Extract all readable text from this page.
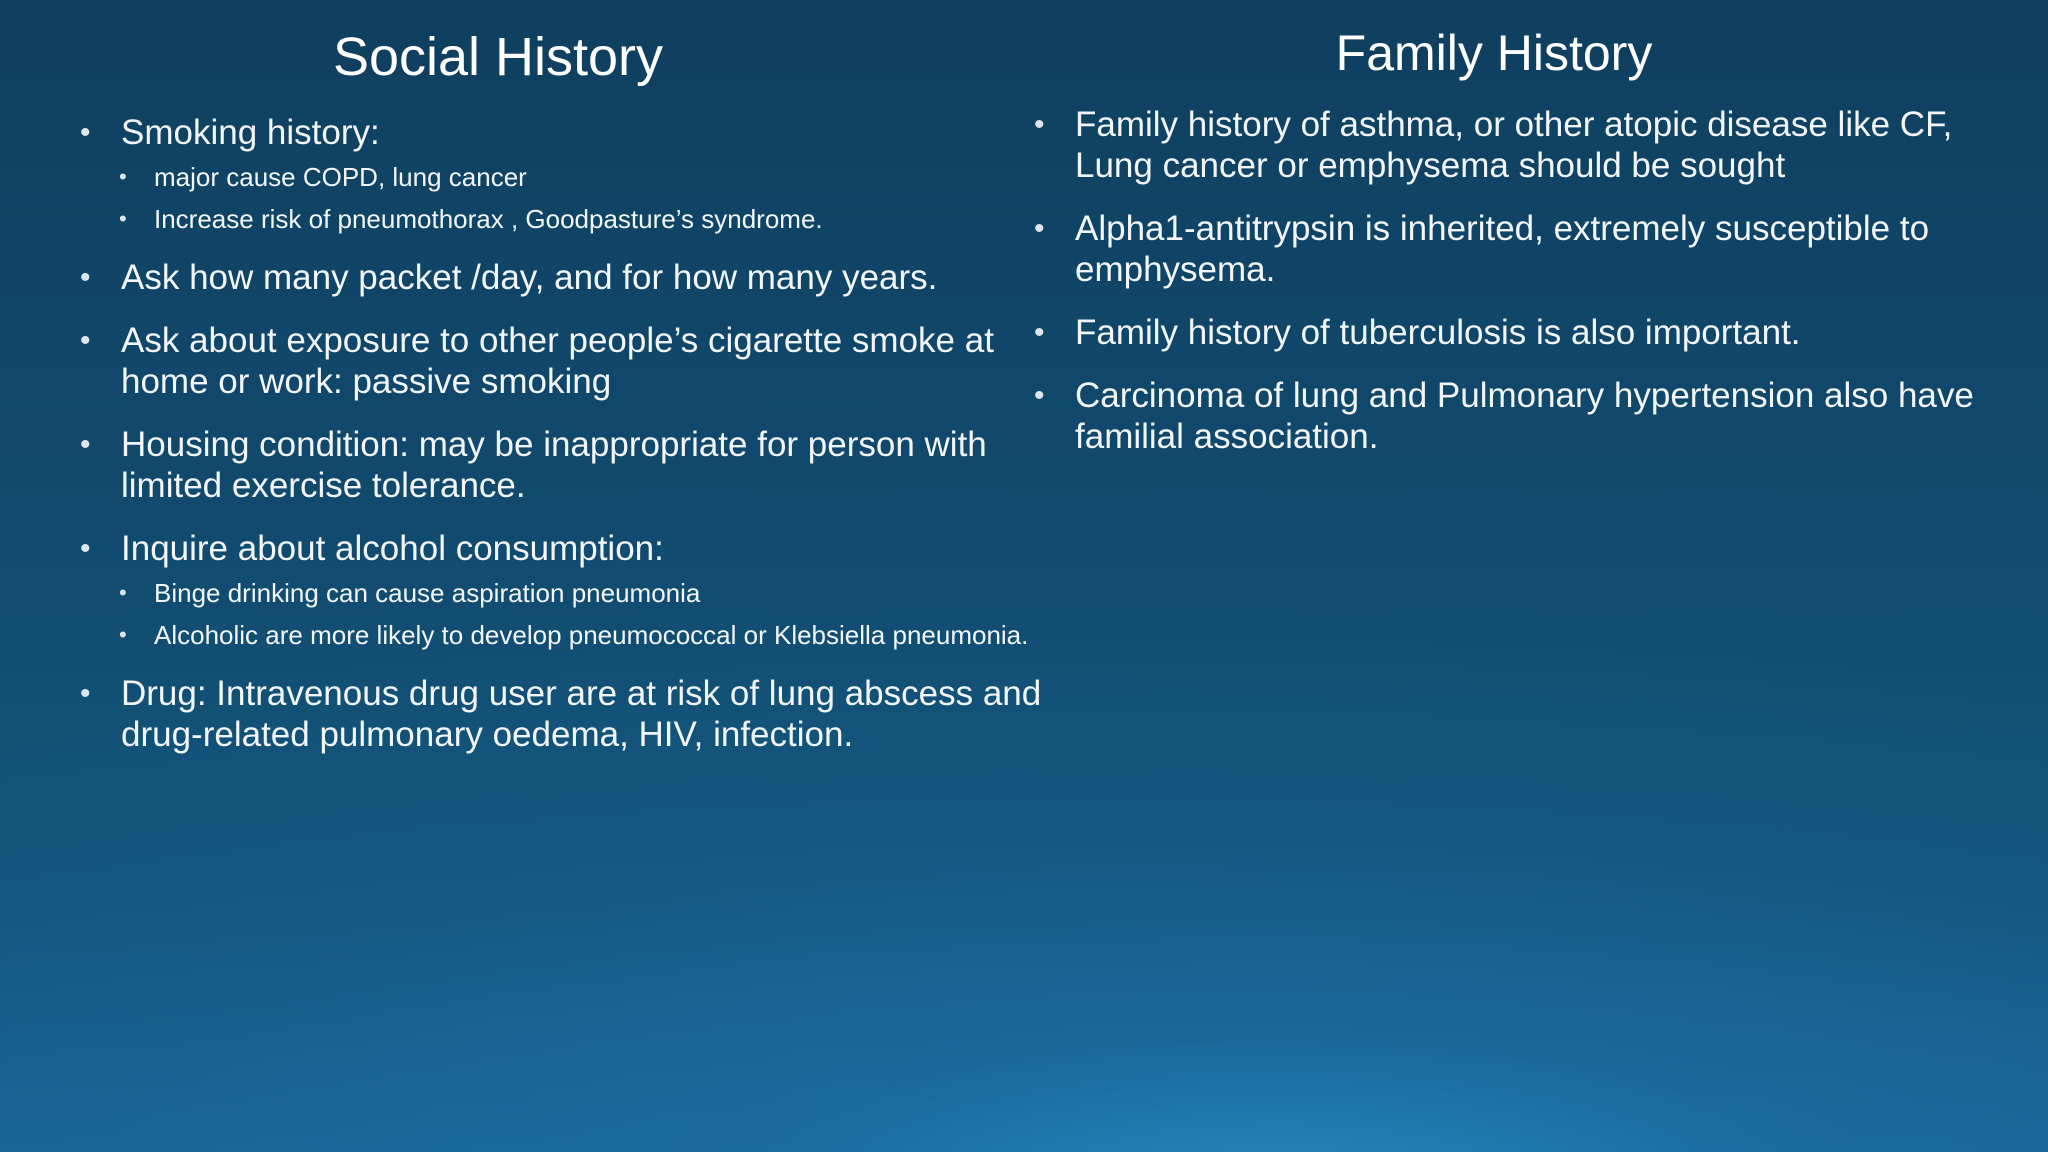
Social History
• Smoking history:
• major cause COPD, lung cancer
• Increase risk of pneumothorax , Goodpasture’s syndrome.
• Ask how many packet /day, and for how many years.
• Ask about exposure to other people’s cigarette smoke at home or work: passive smoking
• Housing condition: may be inappropriate for person with limited exercise tolerance.
• Inquire about alcohol consumption:
• Binge drinking can cause aspiration pneumonia
• Alcoholic are more likely to develop pneumococcal or Klebsiella pneumonia.
• Drug: Intravenous drug user are at risk of lung abscess and drug-related pulmonary oedema, HIV, infection.
Family History
• Family history of asthma, or other atopic disease like CF, Lung cancer or emphysema should be sought
• Alpha1-antitrypsin is inherited, extremely susceptible to emphysema.
• Family history of tuberculosis is also important.
• Carcinoma of lung and Pulmonary hypertension also have familial association.
